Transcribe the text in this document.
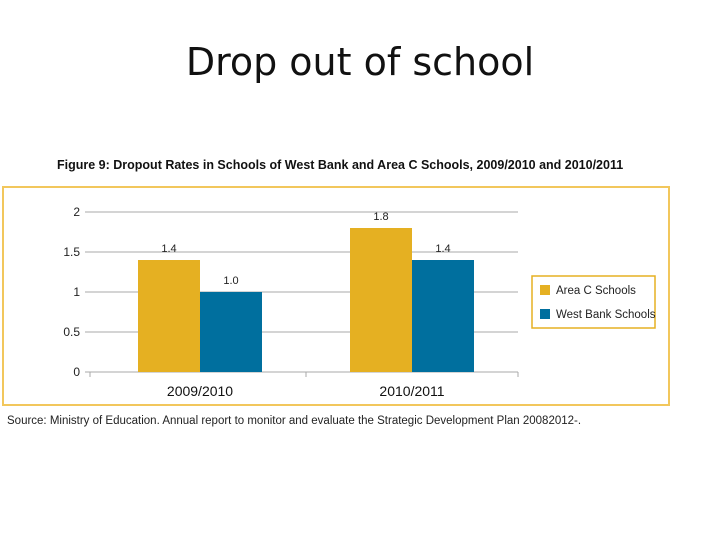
Drop out of school
Figure 9: Dropout Rates in Schools of West Bank and Area C Schools, 2009/2010 and 2010/2011
0
0.5
1
1.5
2
1.4
1.0
2009/2010
1.8
1.4
2010/2011
Area C Schools
West Bank Schools
Source: Ministry of Education. Annual report to monitor and evaluate the Strategic Development Plan 20082012-.
